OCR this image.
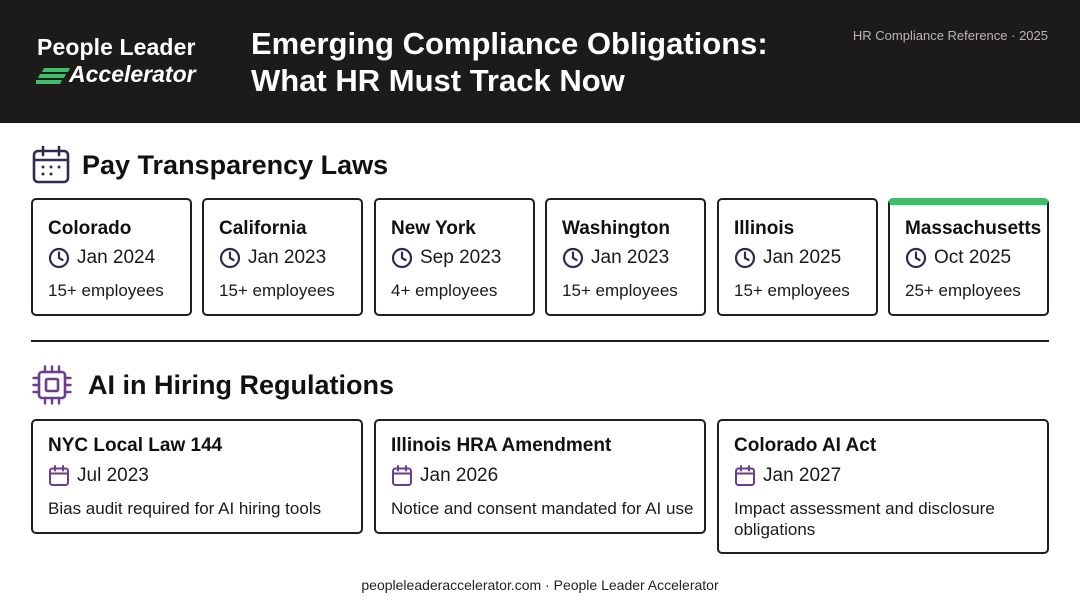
People Leader
Accelerator
Emerging Compliance Obligations:
What HR Must Track Now
HR Compliance Reference · 2025
Pay Transparency Laws
Colorado
Jan 2024
15+ employees
California
Jan 2023
15+ employees
New York
Sep 2023
4+ employees
Washington
Jan 2023
15+ employees
Illinois
Jan 2025
15+ employees
Massachusetts
Oct 2025
25+ employees
AI in Hiring Regulations
NYC Local Law 144
Jul 2023
Bias audit required for AI hiring tools
Illinois HRA Amendment
Jan 2026
Notice and consent mandated for AI use
Colorado AI Act
Jan 2027
Impact assessment and disclosure obligations
peopleleaderaccelerator.com · People Leader Accelerator
